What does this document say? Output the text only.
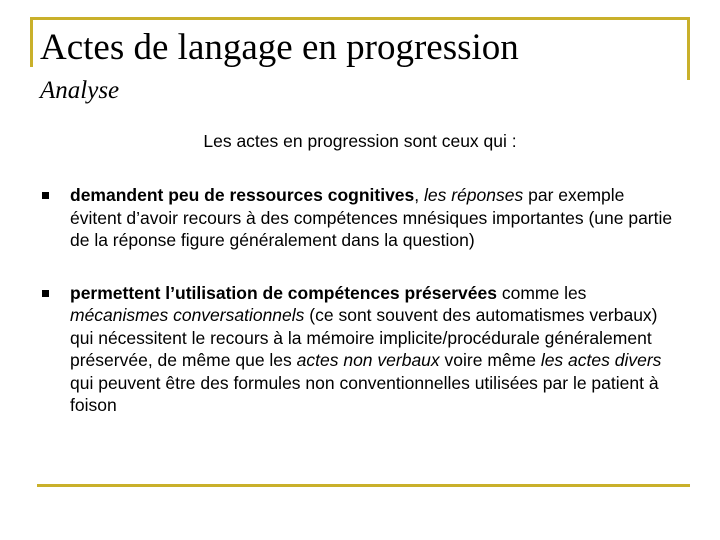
Actes de langage en progression
Analyse
Les actes en progression sont ceux qui :
demandent peu de ressources cognitives, les réponses par exemple évitent d’avoir recours à des compétences mnésiques importantes (une partie de la réponse figure généralement dans la question)
permettent l’utilisation de compétences préservées comme les mécanismes conversationnels (ce sont souvent des automatismes verbaux) qui nécessitent le recours à la mémoire implicite/procédurale généralement préservée, de même que les actes non verbaux voire même les actes divers qui peuvent être des formules non conventionnelles utilisées par le patient à foison
